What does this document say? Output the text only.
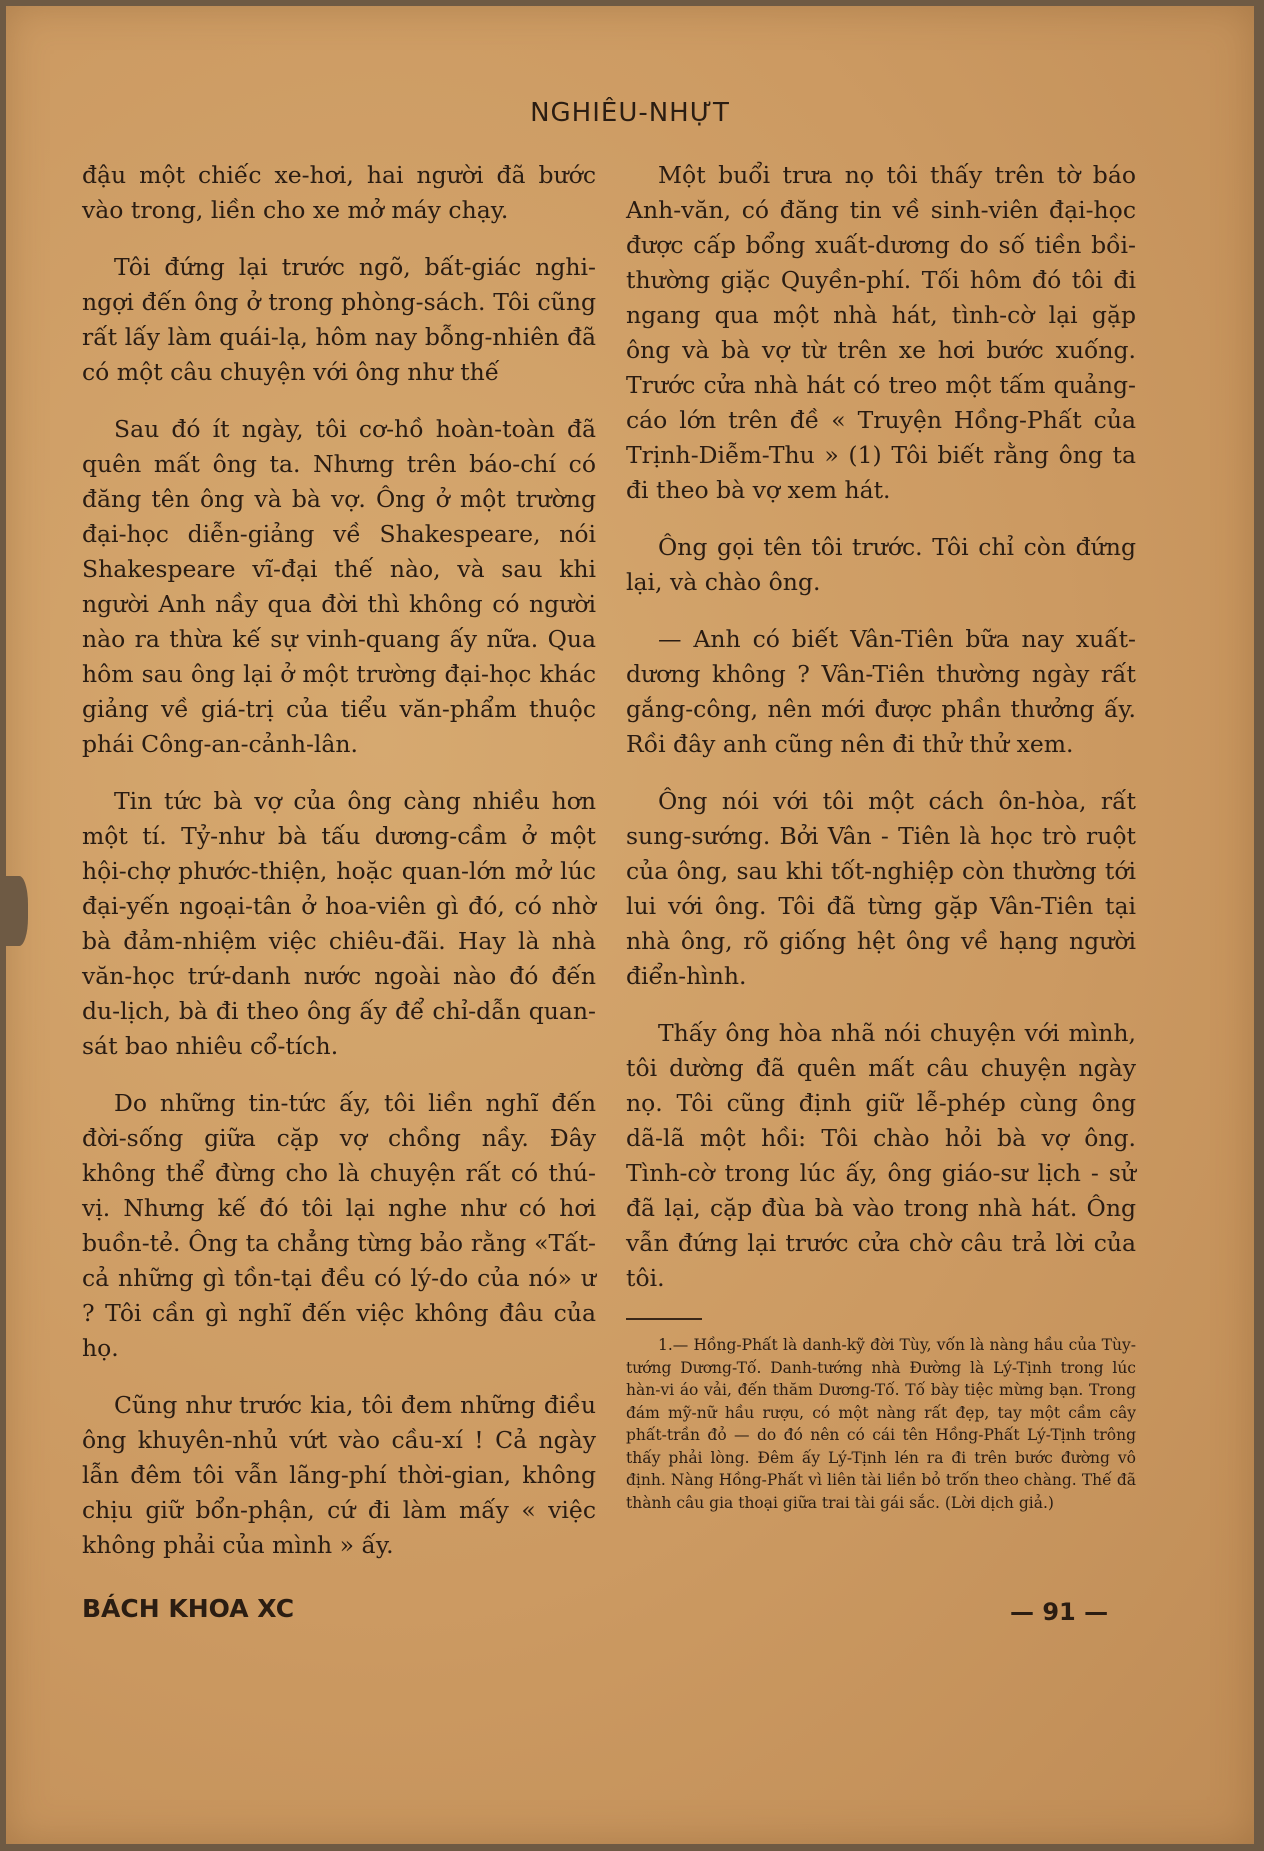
NGHIÊU-NHỰT

đậu một chiếc xe-hơi, hai người đã bước vào trong, liền cho xe mở máy chạy.

Tôi đứng lại trước ngõ, bất-giác nghi-ngợi đến ông ở trong phòng-sách. Tôi cũng rất lấy làm quái-lạ, hôm nay bỗng-nhiên đã có một câu chuyện với ông như thế

Sau đó ít ngày, tôi cơ-hồ hoàn-toàn đã quên mất ông ta. Nhưng trên báo-chí có đăng tên ông và bà vợ. Ông ở một trường đại-học diễn-giảng về Shakespeare, nói Shakespeare vĩ-đại thế nào, và sau khi người Anh nầy qua đời thì không có người nào ra thừa kế sự vinh-quang ấy nữa. Qua hôm sau ông lại ở một trường đại-học khác giảng về giá-trị của tiểu văn-phẩm thuộc phái Công-an-cảnh-lân.

Tin tức bà vợ của ông càng nhiều hơn một tí. Tỷ-như bà tấu dương-cầm ở một hội-chợ phước-thiện, hoặc quan-lớn mở lúc đại-yến ngoại-tân ở hoa-viên gì đó, có nhờ bà đảm-nhiệm việc chiêu-đãi. Hay là nhà văn-học trứ-danh nước ngoài nào đó đến du-lịch, bà đi theo ông ấy để chỉ-dẫn quan-sát bao nhiêu cổ-tích.

Do những tin-tức ấy, tôi liền nghĩ đến đời-sống giữa cặp vợ chồng nầy. Đây không thể đừng cho là chuyện rất có thú-vị. Nhưng kế đó tôi lại nghe như có hơi buồn-tẻ. Ông ta chẳng từng bảo rằng «Tất-cả những gì tồn-tại đều có lý-do của nó» ư ? Tôi cần gì nghĩ đến việc không đâu của họ.

Cũng như trước kia, tôi đem những điều ông khuyên-nhủ vứt vào cầu-xí ! Cả ngày lẫn đêm tôi vẫn lãng-phí thời-gian, không chịu giữ bổn-phận, cứ đi làm mấy « việc không phải của mình » ấy.

Một buổi trưa nọ tôi thấy trên tờ báo Anh-văn, có đăng tin về sinh-viên đại-học được cấp bổng xuất-dương do số tiền bồi-thường giặc Quyền-phí. Tối hôm đó tôi đi ngang qua một nhà hát, tình-cờ lại gặp ông và bà vợ từ trên xe hơi bước xuống. Trước cửa nhà hát có treo một tấm quảng-cáo lớn trên đề « Truyện Hồng-Phất của Trịnh-Diễm-Thu » (1) Tôi biết rằng ông ta đi theo bà vợ xem hát.

Ông gọi tên tôi trước. Tôi chỉ còn đứng lại, và chào ông.

— Anh có biết Vân-Tiên bữa nay xuất-dương không ? Vân-Tiên thường ngày rất gắng-công, nên mới được phần thưởng ấy. Rồi đây anh cũng nên đi thử thử xem.

Ông nói với tôi một cách ôn-hòa, rất sung-sướng. Bởi Vân - Tiên là học trò ruột của ông, sau khi tốt-nghiệp còn thường tới lui với ông. Tôi đã từng gặp Vân-Tiên tại nhà ông, rõ giống hệt ông về hạng người điển-hình.

Thấy ông hòa nhã nói chuyện với mình, tôi dường đã quên mất câu chuyện ngày nọ. Tôi cũng định giữ lễ-phép cùng ông dã-lã một hồi: Tôi chào hỏi bà vợ ông. Tình-cờ trong lúc ấy, ông giáo-sư lịch - sử đã lại, cặp đùa bà vào trong nhà hát. Ông vẫn đứng lại trước cửa chờ câu trả lời của tôi.

1.— Hồng-Phất là danh-kỹ đời Tùy, vốn là nàng hầu của Tùy-tướng Dương-Tố. Danh-tướng nhà Đường là Lý-Tịnh trong lúc hàn-vi áo vải, đến thăm Dương-Tố. Tố bày tiệc mừng bạn. Trong đám mỹ-nữ hầu rượu, có một nàng rất đẹp, tay một cầm cây phất-trần đỏ — do đó nên có cái tên Hồng-Phất Lý-Tịnh trông thấy phải lòng. Đêm ấy Lý-Tịnh lén ra đi trên bước đường vô định. Nàng Hồng-Phất vì liên tài liền bỏ trốn theo chàng. Thế đã thành câu gia thoại giữa trai tài gái sắc. (Lời dịch giả.)

BÁCH KHOA XC	— 91 —
